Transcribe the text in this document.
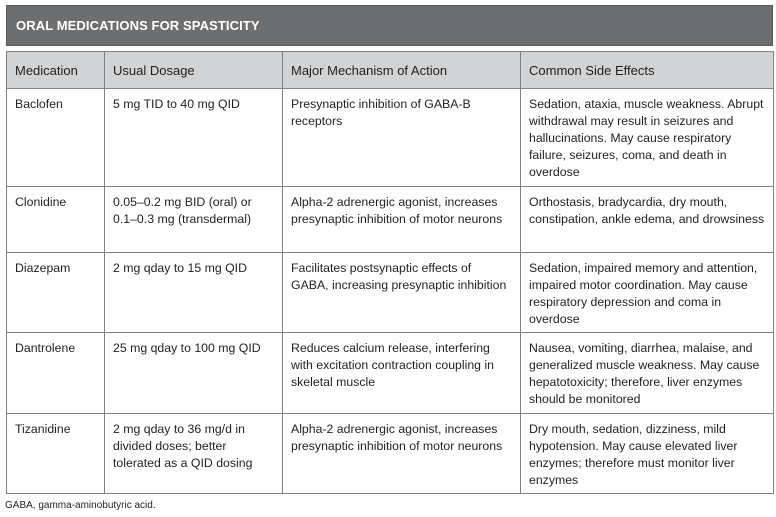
ORAL MEDICATIONS FOR SPASTICITY
Medication	Usual Dosage	Major Mechanism of Action	Common Side Effects
Baclofen	5 mg TID to 40 mg QID	Presynaptic inhibition of GABA-B receptors	Sedation, ataxia, muscle weakness. Abrupt withdrawal may result in seizures and hallucinations. May cause respiratory failure, seizures, coma, and death in overdose
Clonidine	0.05–0.2 mg BID (oral) or 0.1–0.3 mg (transdermal)	Alpha-2 adrenergic agonist, increases presynaptic inhibition of motor neurons	Orthostasis, bradycardia, dry mouth, constipation, ankle edema, and drowsiness
Diazepam	2 mg qday to 15 mg QID	Facilitates postsynaptic effects of GABA, increasing presynaptic inhibition	Sedation, impaired memory and attention, impaired motor coordination. May cause respiratory depression and coma in overdose
Dantrolene	25 mg qday to 100 mg QID	Reduces calcium release, interfering with excitation contraction coupling in skeletal muscle	Nausea, vomiting, diarrhea, malaise, and generalized muscle weakness. May cause hepatotoxicity; therefore, liver enzymes should be monitored
Tizanidine	2 mg qday to 36 mg/d in divided doses; better tolerated as a QID dosing	Alpha-2 adrenergic agonist, increases presynaptic inhibition of motor neurons	Dry mouth, sedation, dizziness, mild hypotension. May cause elevated liver enzymes; therefore must monitor liver enzymes
GABA, gamma-aminobutyric acid.
